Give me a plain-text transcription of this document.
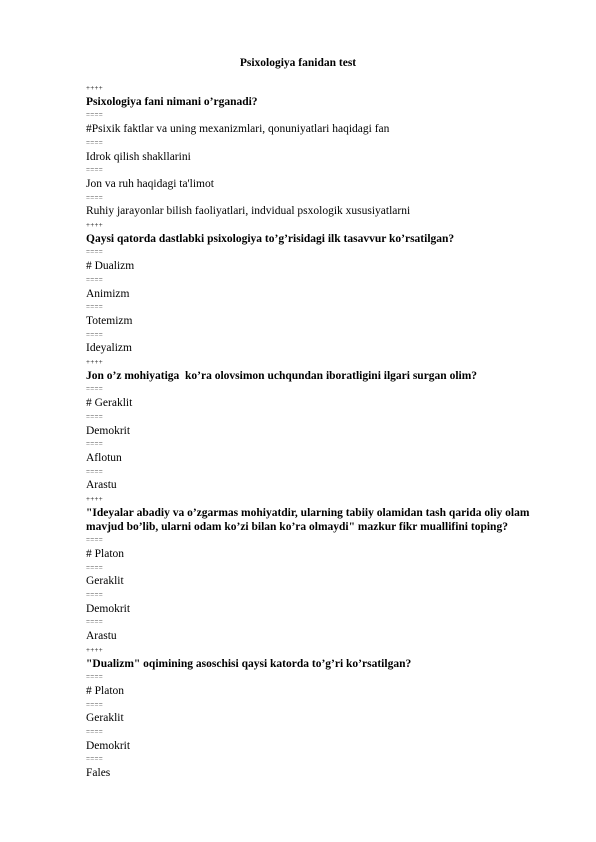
Psixologiya fanidan test
++++
Psixologiya fani nimani o’rganadi?
====
#Psixik faktlar va uning mexanizmlari, qonuniyatlari haqidagi fan
====
Idrok qilish shakllarini
====
Jon va ruh haqidagi ta'limot
====
Ruhiy jarayonlar bilish faoliyatlari, indvidual psxologik xususiyatlarni
++++
Qaysi qatorda dastlabki psixologiya to’g’risidagi ilk tasavvur ko’rsatilgan?
====
# Dualizm
====
Animizm
====
Totemizm
====
Ideyalizm
++++
Jon o’z mohiyatiga  ko’ra olovsimon uchqundan iboratligini ilgari surgan olim?
====
# Geraklit
====
Demokrit
====
Aflotun
====
Arastu
++++
"Ideyalar abadiy va o’zgarmas mohiyatdir, ularning tabiiy olamidan tash qarida oliy olam
mavjud bo’lib, ularni odam ko’zi bilan ko’ra olmaydi" mazkur fikr muallifini toping?
====
# Platon
====
Geraklit
====
Demokrit
====
Arastu
++++
"Dualizm" oqimining asoschisi qaysi katorda to’g’ri ko’rsatilgan?
====
# Platon
====
Geraklit
====
Demokrit
====
Fales
